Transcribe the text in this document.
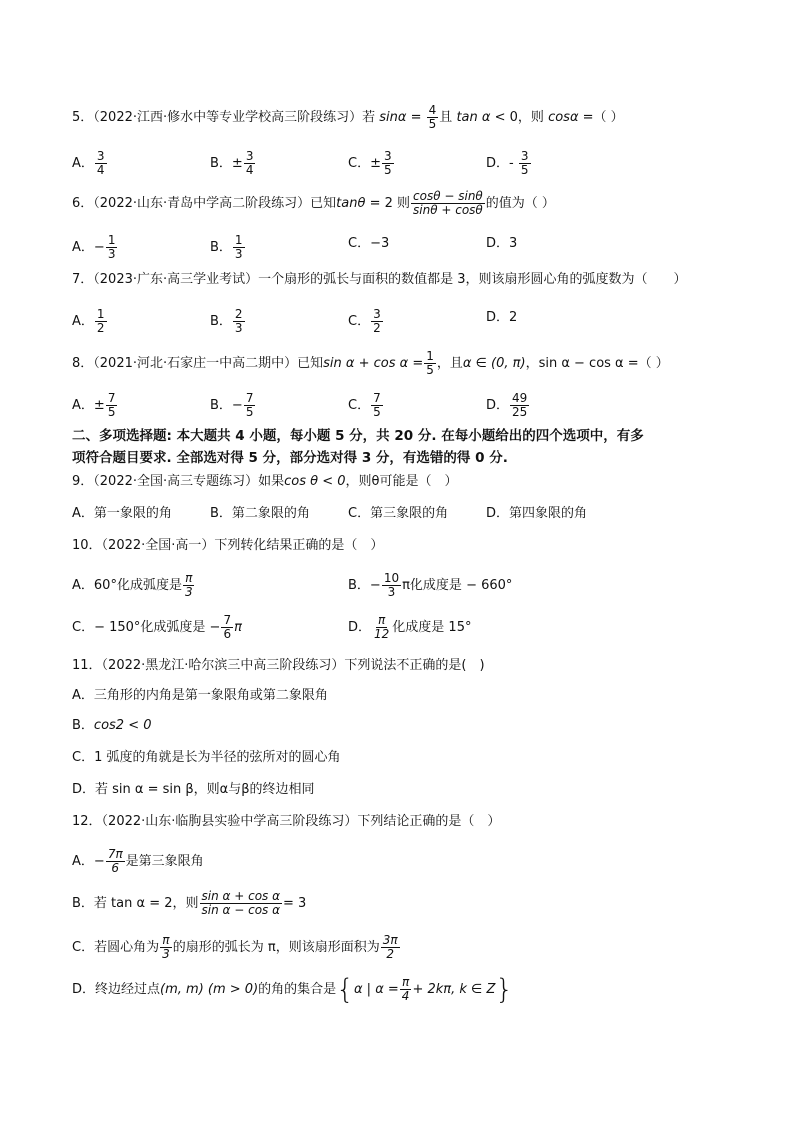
5．（2022·江西·修水中等专业学校高三阶段练习）若 $\sin\alpha = \frac{4}{5}$ 且 tan α < 0，则 cosα =（ ）
A． $\frac{3}{4}$	B．± $\frac{3}{4}$	C．± $\frac{3}{5}$	D．- $\frac{3}{5}$
6．（2022·山东·青岛中学高二阶段练习）已知tanθ = 2 则 $\frac{\cos\theta - \sin\theta}{\sin\theta + \cos\theta}$ 的值为（ ）
A．− $\frac{1}{3}$	B． $\frac{1}{3}$	C．−3	D．3
7．（2023·广东·高三学业考试）一个扇形的弧长与面积的数值都是 3，则该扇形圆心角的弧度数为（　　）
A． $\frac{1}{2}$	B． $\frac{2}{3}$	C． $\frac{3}{2}$	D．2
8．（2021·河北·石家庄一中高二期中）已知$\sin \alpha + \cos \alpha = \frac{1}{5}$ ，且α ∈ (0, π)，sin α − cos α =（ ）
A．± $\frac{7}{5}$	B．− $\frac{7}{5}$	C． $\frac{7}{5}$	D． $\frac{49}{25}$
二、多项选择题: 本大题共 4 小题，每小题 5 分，共 20 分. 在每小题给出的四个选项中，有多
项符合题目要求. 全部选对得 5 分，部分选对得 3 分，有选错的得 0 分.
9．（2022·全国·高三专题练习）如果cos θ < 0，则θ可能是（　）
A．第一象限的角	B．第二象限的角	C．第三象限的角	D．第四象限的角
10．（2022·全国·高一）下列转化结果正确的是（　）
A．60°化成弧度是 $\frac{\pi}{3}$	B．− $\frac{10}{3}$ π化成度是 − 660°
C．− 150°化成弧度是 − $\frac{7}{6}$ π	D． $\frac{\pi}{12}$ 化成度是 15°
11．（2022·黑龙江·哈尔滨三中高三阶段练习）下列说法不正确的是(　)
A．三角形的内角是第一象限角或第二象限角
B．cos2 < 0
C．1 弧度的角就是长为半径的弦所对的圆心角
D．若 sin α = sin β，则α与β的终边相同
12．（2022·山东·临朐县实验中学高三阶段练习）下列结论正确的是（　）
A．− $\frac{7\pi}{6}$ 是第三象限角
B．若 tan α = 2，则 $\frac{\text{sin α + cos α}}{\text{sin α − cos α}} = 3$
C．若圆心角为 $\frac{\pi}{3}$ 的扇形的弧长为 π，则该扇形面积为 $\frac{3\pi}{2}$
D．终边经过点(m, m) (m > 0)的角的集合是{α | $\alpha = \frac{\pi}{4} + 2k\pi$, k ∈ Z}
